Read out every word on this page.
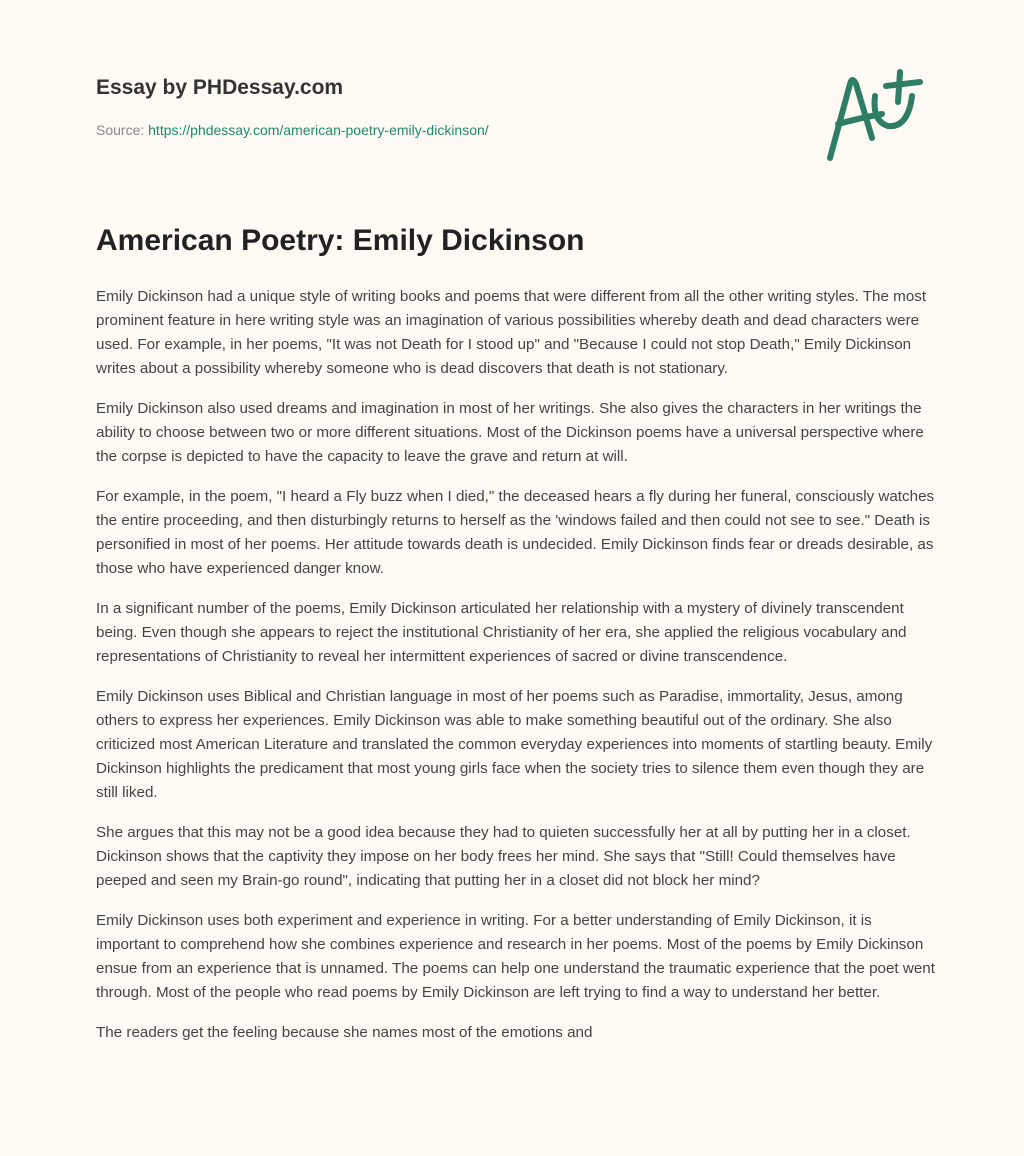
Essay by PHDessay.com

Source: https://phdessay.com/american-poetry-emily-dickinson/
American Poetry: Emily Dickinson

Emily Dickinson had a unique style of writing books and poems that were different from all the other writing styles. The most prominent feature in here writing style was an imagination of various possibilities whereby death and dead characters were used. For example, in her poems, "It was not Death for I stood up" and "Because I could not stop Death," Emily Dickinson writes about a possibility whereby someone who is dead discovers that death is not stationary.

Emily Dickinson also used dreams and imagination in most of her writings. She also gives the characters in her writings the ability to choose between two or more different situations. Most of the Dickinson poems have a universal perspective where the corpse is depicted to have the capacity to leave the grave and return at will.

For example, in the poem, "I heard a Fly buzz when I died," the deceased hears a fly during her funeral, consciously watches the entire proceeding, and then disturbingly returns to herself as the 'windows failed and then could not see to see." Death is personified in most of her poems. Her attitude towards death is undecided. Emily Dickinson finds fear or dreads desirable, as those who have experienced danger know.

In a significant number of the poems, Emily Dickinson articulated her relationship with a mystery of divinely transcendent being. Even though she appears to reject the institutional Christianity of her era, she applied the religious vocabulary and representations of Christianity to reveal her intermittent experiences of sacred or divine transcendence.

Emily Dickinson uses Biblical and Christian language in most of her poems such as Paradise, immortality, Jesus, among others to express her experiences. Emily Dickinson was able to make something beautiful out of the ordinary. She also criticized most American Literature and translated the common everyday experiences into moments of startling beauty. Emily Dickinson highlights the predicament that most young girls face when the society tries to silence them even though they are still liked.

She argues that this may not be a good idea because they had to quieten successfully her at all by putting her in a closet. Dickinson shows that the captivity they impose on her body frees her mind. She says that "Still! Could themselves have peeped and seen my Brain-go round", indicating that putting her in a closet did not block her mind?

Emily Dickinson uses both experiment and experience in writing. For a better understanding of Emily Dickinson, it is important to comprehend how she combines experience and research in her poems. Most of the poems by Emily Dickinson ensue from an experience that is unnamed. The poems can help one understand the traumatic experience that the poet went through. Most of the people who read poems by Emily Dickinson are left trying to find a way to understand her better.

The readers get the feeling because she names most of the emotions and
